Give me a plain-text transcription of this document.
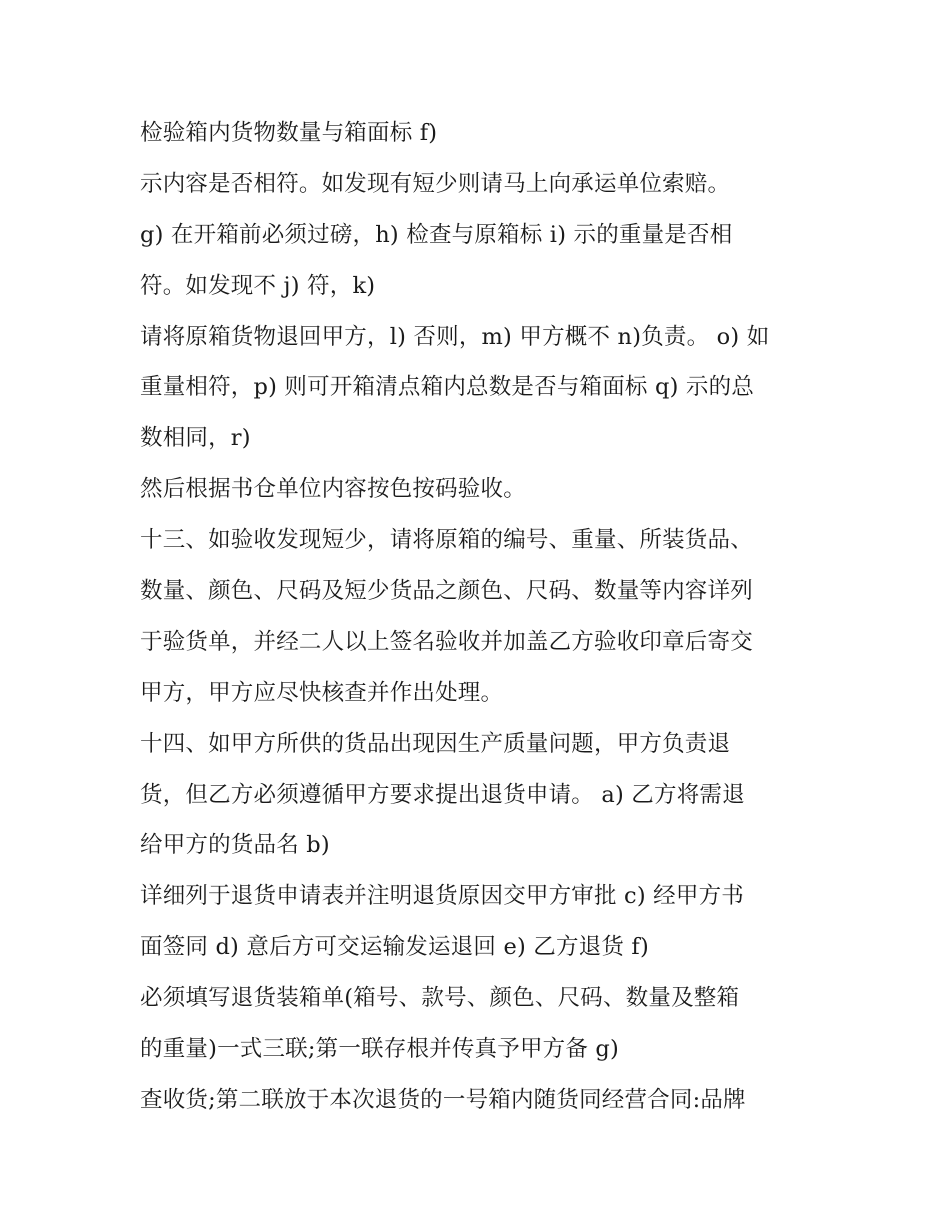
检验箱内货物数量与箱面标 f)
示内容是否相符。如发现有短少则请马上向承运单位索赔。
g) 在开箱前必须过磅，h) 检查与原箱标 i) 示的重量是否相
符。如发现不 j) 符，k)
请将原箱货物退回甲方，l) 否则，m) 甲方概不 n)负责。 o) 如
重量相符，p) 则可开箱清点箱内总数是否与箱面标 q) 示的总
数相同，r)
然后根据书仓单位内容按色按码验收。
十三、如验收发现短少，请将原箱的编号、重量、所装货品、
数量、颜色、尺码及短少货品之颜色、尺码、数量等内容详列
于验货单，并经二人以上签名验收并加盖乙方验收印章后寄交
甲方，甲方应尽快核查并作出处理。
十四、如甲方所供的货品出现因生产质量问题，甲方负责退
货，但乙方必须遵循甲方要求提出退货申请。 a) 乙方将需退
给甲方的货品名 b)
详细列于退货申请表并注明退货原因交甲方审批 c) 经甲方书
面签同 d) 意后方可交运输发运退回 e) 乙方退货 f)
必须填写退货装箱单(箱号、款号、颜色、尺码、数量及整箱
的重量)一式三联;第一联存根并传真予甲方备 g)
查收货;第二联放于本次退货的一号箱内随货同经营合同:品牌
